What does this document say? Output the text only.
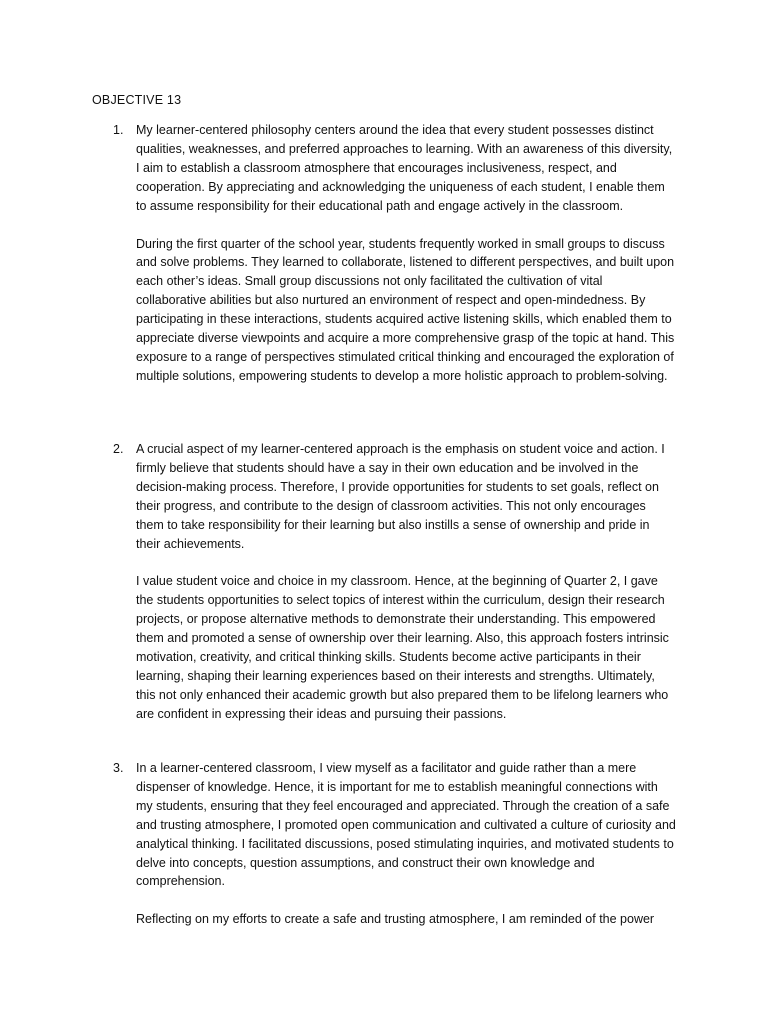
OBJECTIVE 13

1. My learner-centered philosophy centers around the idea that every student possesses distinct qualities, weaknesses, and preferred approaches to learning. With an awareness of this diversity, I aim to establish a classroom atmosphere that encourages inclusiveness, respect, and cooperation. By appreciating and acknowledging the uniqueness of each student, I enable them to assume responsibility for their educational path and engage actively in the classroom.

During the first quarter of the school year, students frequently worked in small groups to discuss and solve problems. They learned to collaborate, listened to different perspectives, and built upon each other’s ideas. Small group discussions not only facilitated the cultivation of vital collaborative abilities but also nurtured an environment of respect and open-mindedness. By participating in these interactions, students acquired active listening skills, which enabled them to appreciate diverse viewpoints and acquire a more comprehensive grasp of the topic at hand. This exposure to a range of perspectives stimulated critical thinking and encouraged the exploration of multiple solutions, empowering students to develop a more holistic approach to problem-solving.

2. A crucial aspect of my learner-centered approach is the emphasis on student voice and action. I firmly believe that students should have a say in their own education and be involved in the decision-making process. Therefore, I provide opportunities for students to set goals, reflect on their progress, and contribute to the design of classroom activities. This not only encourages them to take responsibility for their learning but also instills a sense of ownership and pride in their achievements.

I value student voice and choice in my classroom. Hence, at the beginning of Quarter 2, I gave the students opportunities to select topics of interest within the curriculum, design their research projects, or propose alternative methods to demonstrate their understanding. This empowered them and promoted a sense of ownership over their learning. Also, this approach fosters intrinsic motivation, creativity, and critical thinking skills. Students become active participants in their learning, shaping their learning experiences based on their interests and strengths. Ultimately, this not only enhanced their academic growth but also prepared them to be lifelong learners who are confident in expressing their ideas and pursuing their passions.

3. In a learner-centered classroom, I view myself as a facilitator and guide rather than a mere dispenser of knowledge. Hence, it is important for me to establish meaningful connections with my students, ensuring that they feel encouraged and appreciated. Through the creation of a safe and trusting atmosphere, I promoted open communication and cultivated a culture of curiosity and analytical thinking. I facilitated discussions, posed stimulating inquiries, and motivated students to delve into concepts, question assumptions, and construct their own knowledge and comprehension.

Reflecting on my efforts to create a safe and trusting atmosphere, I am reminded of the power
